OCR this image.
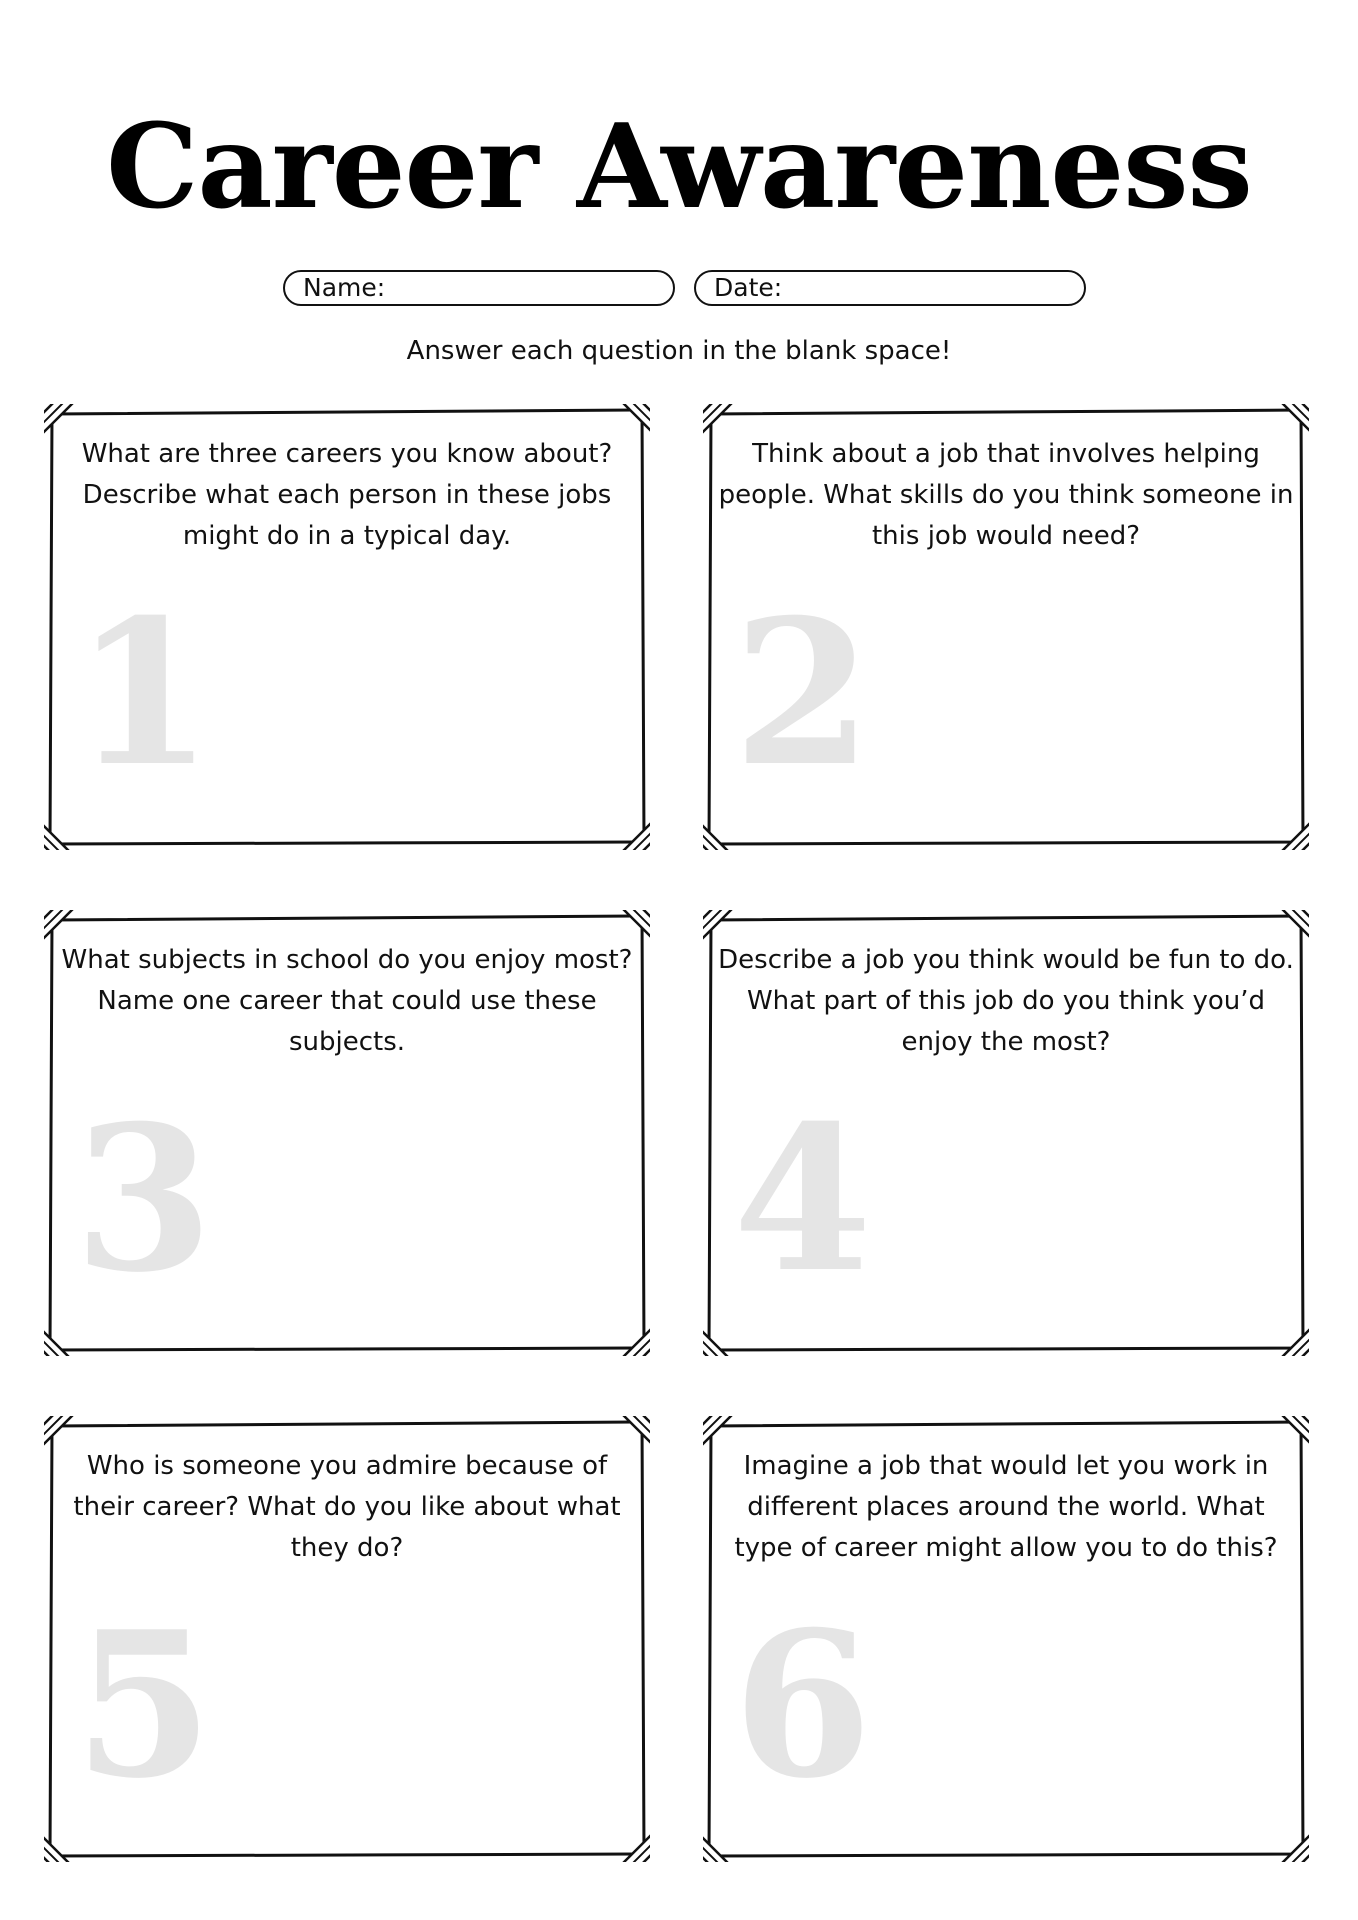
Career Awareness
Name:	Date:
Answer each question in the blank space!
1
What are three careers you know about? Describe what each person in these jobs might do in a typical day.
2
Think about a job that involves helping people. What skills do you think someone in this job would need?
3
What subjects in school do you enjoy most? Name one career that could use these subjects.
4
Describe a job you think would be fun to do. What part of this job do you think you’d enjoy the most?
5
Who is someone you admire because of their career? What do you like about what they do?
6
Imagine a job that would let you work in different places around the world. What type of career might allow you to do this?
